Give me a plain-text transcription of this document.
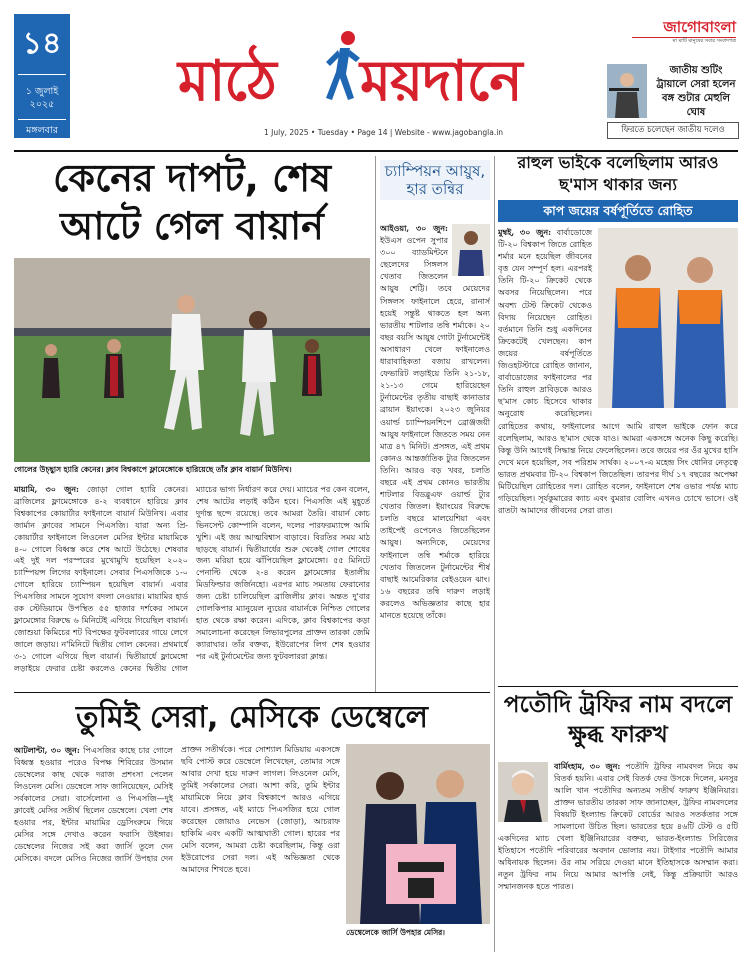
১৪
১ জুলাই ২০২৫
মঙ্গলবার
মাঠে ময়দানে
1 July, 2025 • Tuesday • Page 14 | Website - www.jagobangla.in
জাগোবাংলা
মা মাটি মানুষের সবার সংবাদপত্র
জাতীয় শুটিং ট্রায়ালে সেরা হলেন বঙ্গ শুটার মেহুলি ঘোষ
ফিরতে চলেছেন জাতীয় দলেও
কেনের দাপট, শেষ আটে গেল বায়ার্ন
গোলের উচ্ছ্বাস হ্যারি কেনের। ক্লাব বিশ্বকাপে ফ্লামেঙ্গোকে হারিয়েছে তাঁর ক্লাব বায়ার্ন মিউনিখ।
মায়ামি, ৩০ জুন: জোড়া গোল হ্যারি কেনের। ব্রাজিলের ফ্লামেঙ্গোকে ৪-২ ব্যবধানে হারিয়ে ক্লাব বিশ্বকাপের কোয়ার্টার ফাইনালে বায়ার্ন মিউনিখ। এবার জার্মান ক্লাবের সামনে পিএসজি। যারা অন্য প্রি-কোয়ার্টার ফাইনালে লিওনেল মেসির ইন্টার মায়ামিকে ৪-০ গোলে বিধ্বস্ত করে শেষ আটে উঠেছে। শেষবার এই দুই দল পরস্পরের মুখোমুখি হয়েছিল ২০২০ চ্যাম্পিয়ন্স লিগের ফাইনালে। সেবার পিএসজিকে ১-০ গোলে হারিয়ে চ্যাম্পিয়ন হয়েছিল বায়ার্ন। এবার পিএসজির সামনে সুযোগ বদলা নেওয়ার। মায়ামির হার্ড রক স্টেডিয়ামে উপস্থিত ৫৫ হাজার দর্শকের সামনে ফ্লামেঙ্গোর বিরুদ্ধে ৬ মিনিটেই এগিয়ে গিয়েছিল বায়ার্ন। জোশুয়া কিমিচের শট বিপক্ষের ফুটবলারের গায়ে লেগে জালে জড়ায়। ন'মিনিটে দ্বিতীয় গোল কেনের। প্রথমার্ধে ৩-১ গোলে এগিয়ে ছিল বায়ার্ন। দ্বিতীয়ার্ধে ফ্লামেঙ্গো লড়াইয়ে ফেরার চেষ্টা করলেও কেনের দ্বিতীয় গোল ম্যাচের ভাগ্য নির্ধারণ করে দেয়। ম্যাচের পর কেন বলেন, শেষ আটের লড়াই কঠিন হবে। পিএসজি এই মুহূর্তে দুর্দান্ত ছন্দে রয়েছে। তবে আমরা তৈরি। বায়ার্ন কোচ ভিনসেন্ট কোম্পানি বলেন, দলের পারফরম্যান্সে আমি খুশি। এই জয় আত্মবিশ্বাস বাড়াবে। বিরতির সময় মাঠ ছাড়ছে বায়ার্ন। দ্বিতীয়ার্ধের শুরু থেকেই গোল শোধের জন্য মরিয়া হয়ে ঝাঁপিয়েছিল ফ্লামেঙ্গো। ৫৫ মিনিটে পেনাল্টি থেকে ২-৪ করেন ফ্লামেঙ্গোর ইতালীয় মিডফিল্ডার জর্জিনহো। এরপর ম্যাচ সমতায় ফেরানোর জন্য চেষ্টা চালিয়েছিল ব্রাজিলীয় ক্লাব। অন্তত দু'বার গোলকিপার ম্যানুয়েল ন্যুয়ের বায়ার্নকে নিশ্চিত গোলের হাত থেকে রক্ষা করেন। এদিকে, ক্লাব বিশ্বকাপের কড়া সমালোচনা করেছেন লিভারপুলের প্রাক্তন তারকা জেমি ক্যারাঘার। তাঁর বক্তব্য, ইউরোপের লিগ শেষ হওয়ার পর এই টুর্নামেন্টের জন্য ফুটবলাররা ক্লান্ত।
চ্যাম্পিয়ন আয়ুষ, হার তন্বির
আইওয়া, ৩০ জুন: ইউএস ওপেন সুপার ৩০০ ব্যাডমিন্টনে ছেলেদের সিঙ্গলস খেতাব জিতলেন আয়ুষ শেট্টি। তবে মেয়েদের সিঙ্গলস ফাইনালে হেরে, রানার্স হয়েই সন্তুষ্ট থাকতে হল অন্য ভারতীয় শাটলার তন্বি শর্মাকে। ২০ বছর বয়সি আয়ুষ গোটা টুর্নামেন্টেই অসাধারণ খেলে ফাইনালেও ধারাবাহিকতা বজায় রাখলেন। ফেভারিট লড়াইয়ে তিনি ২১-১৮, ২১-১৩ গেমে হারিয়েছেন টুর্নামেন্টের তৃতীয় বাছাই কানাডার ব্রায়ান ইয়াংকে। ২০২৩ জুনিয়র ওয়ার্ল্ড চ্যাম্পিয়নশিপে ব্রোঞ্জজয়ী আয়ুষ ফাইনালে জিততে সময় নেন মাত্র ৪৭ মিনিট। প্রসঙ্গত, এই প্রথম কোনও আন্তর্জাতিক ট্যুর জিতলেন তিনি। আরও বড় খবর, চলতি বছরে এই প্রথম কোনও ভারতীয় শাটলার বিডব্লুএফ ওয়ার্ল্ড ট্যুর খেতাব জিতল। ইয়াংয়ের বিরুদ্ধে চলতি বছরে মালয়েশিয়া এবং তাইপেই ওপেনেও জিতেছিলেন আয়ুষ। অন্যদিকে, মেয়েদের ফাইনালে তন্বি শর্মাকে হারিয়ে খেতাব জিতলেন টুর্নামেন্টের শীর্ষ বাছাই আমেরিকার বেইওয়েন ঝাং। ১৬ বছরের তন্বি দারুণ লড়াই করলেও অভিজ্ঞতার কাছে হার মানতে হয়েছে তাঁকে।
রাহুল ভাইকে বলেছিলাম আরও ছ'মাস থাকার জন্য
কাপ জয়ের বর্ষপূর্তিতে রোহিত
মুম্বই, ৩০ জুন: বার্বাডোজে টি-২০ বিশ্বকাপ জিতে রোহিত শর্মার মনে হয়েছিল জীবনের বৃত্ত যেন সম্পূর্ণ হল। এরপরই তিনি টি-২০ ক্রিকেট থেকে অবসর নিয়েছিলেন। পরে অবশ্য টেস্ট ক্রিকেট থেকেও বিদায় নিয়েছেন রোহিত। বর্তমানে তিনি শুধু একদিনের ক্রিকেটেই খেলছেন। কাপ জয়ের বর্ষপূর্তিতে জিওহটস্টারে রোহিত জানান, বার্বাডোজের ফাইনালের পর তিনি রাহুল দ্রাবিড়কে আরও ছ'মাস কোচ হিসেবে থাকার অনুরোধ করেছিলেন। রোহিতের কথায়, ফাইনালের আগে আমি রাহুল ভাইকে ফোন করে বলেছিলাম, আরও ছ'মাস থেকে যাও। আমরা একসঙ্গে অনেক কিছু করেছি। কিন্তু উনি আগেই সিদ্ধান্ত নিয়ে ফেলেছিলেন। তবে জয়ের পর ওঁর মুখের হাসি দেখে মনে হয়েছিল, সব পরিশ্রম সার্থক। ২০০৭-এ মহেন্দ্র সিং ধোনির নেতৃত্বে ভারত প্রথমবার টি-২০ বিশ্বকাপ জিতেছিল। তারপর দীর্ঘ ১৭ বছরের অপেক্ষা মিটিয়েছিল রোহিতের দল। রোহিত বলেন, ফাইনালে শেষ ওভার পর্যন্ত ম্যাচ গড়িয়েছিল। সূর্যকুমারের ক্যাচ এবং বুমরার বোলিং এখনও চোখে ভাসে। ওই রাতটা আমাদের জীবনের সেরা রাত।
পতৌদি ট্রফির নাম বদলে ক্ষুব্ধ ফারুখ
বার্মিংহাম, ৩০ জুন: পতৌদি ট্রফির নামবদল নিয়ে কম বিতর্ক হয়নি। এবার সেই বিতর্ক ফের উসকে দিলেন, মনসুর আলি খান পতৌদির অন্যতম সতীর্থ ফারুখ ইঞ্জিনিয়ার। প্রাক্তন ভারতীয় তারকা সাফ জানাচ্ছেন, ট্রফির নামবদলের বিষয়টি ইংল্যান্ড ক্রিকেট বোর্ডের আরও সতর্কতার সঙ্গে সামলানো উচিত ছিল। ভারতের হয়ে ৪৬টি টেস্ট ও ৫টি একদিনের ম্যাচ খেলা ইঞ্জিনিয়ারের বক্তব্য, ভারত-ইংল্যান্ড সিরিজের ইতিহাসে পতৌদি পরিবারের অবদান ভোলার নয়। টাইগার পতৌদি আমার অধিনায়ক ছিলেন। ওঁর নাম সরিয়ে দেওয়া মানে ইতিহাসকে অসম্মান করা। নতুন ট্রফির নাম নিয়ে আমার আপত্তি নেই, কিন্তু প্রক্রিয়াটা আরও সম্মানজনক হতে পারত।
তুমিই সেরা, মেসিকে ডেম্বেলে
আটলান্টা, ৩০ জুন: পিএসজির কাছে চার গোলে বিধ্বস্ত হওয়ার পরেও বিপক্ষ শিবিরের উসমান ডেম্বেলের কাছ থেকে দরাজ প্রশংসা পেলেন লিওনেল মেসি। ডেম্বেলে সাফ জানিয়েছেন, মেসিই সর্বকালের সেরা। বার্সেলোনা ও পিএসজি—দুই ক্লাবেই মেসির সতীর্থ ছিলেন ডেম্বেলে। খেলা শেষ হওয়ার পর, ইন্টার মায়ামির ড্রেসিংরুমে গিয়ে মেসির সঙ্গে দেখাও করেন ফরাসি উইঙ্গার। ডেম্বেলের নিজের সই করা জার্সি তুলে দেন মেসিকে। বদলে মেসিও নিজের জার্সি উপহার দেন প্রাক্তন সতীর্থকে। পরে সোশ্যাল মিডিয়ায় একসঙ্গে ছবি পোস্ট করে ডেম্বেলে লিখেছেন, তোমার সঙ্গে আবার দেখা হয়ে দারুণ লাগল। লিওনেল মেসি, তুমিই সর্বকালের সেরা। আশা করি, তুমি ইন্টার মায়ামিকে নিয়ে ক্লাব বিশ্বকাপে আরও এগিয়ে যাবে। প্রসঙ্গত, এই ম্যাচে পিএসজির হয়ে গোল করেছেন জোয়াও নেভেস (জোড়া), আচরাফ হাকিমি এবং একটি আত্মঘাতী গোল। হারের পর মেসি বলেন, আমরা চেষ্টা করেছিলাম, কিন্তু ওরা ইউরোপের সেরা দল। এই অভিজ্ঞতা থেকে আমাদের শিখতে হবে।
ডেম্বেলেকে জার্সি উপহার মেসির।
